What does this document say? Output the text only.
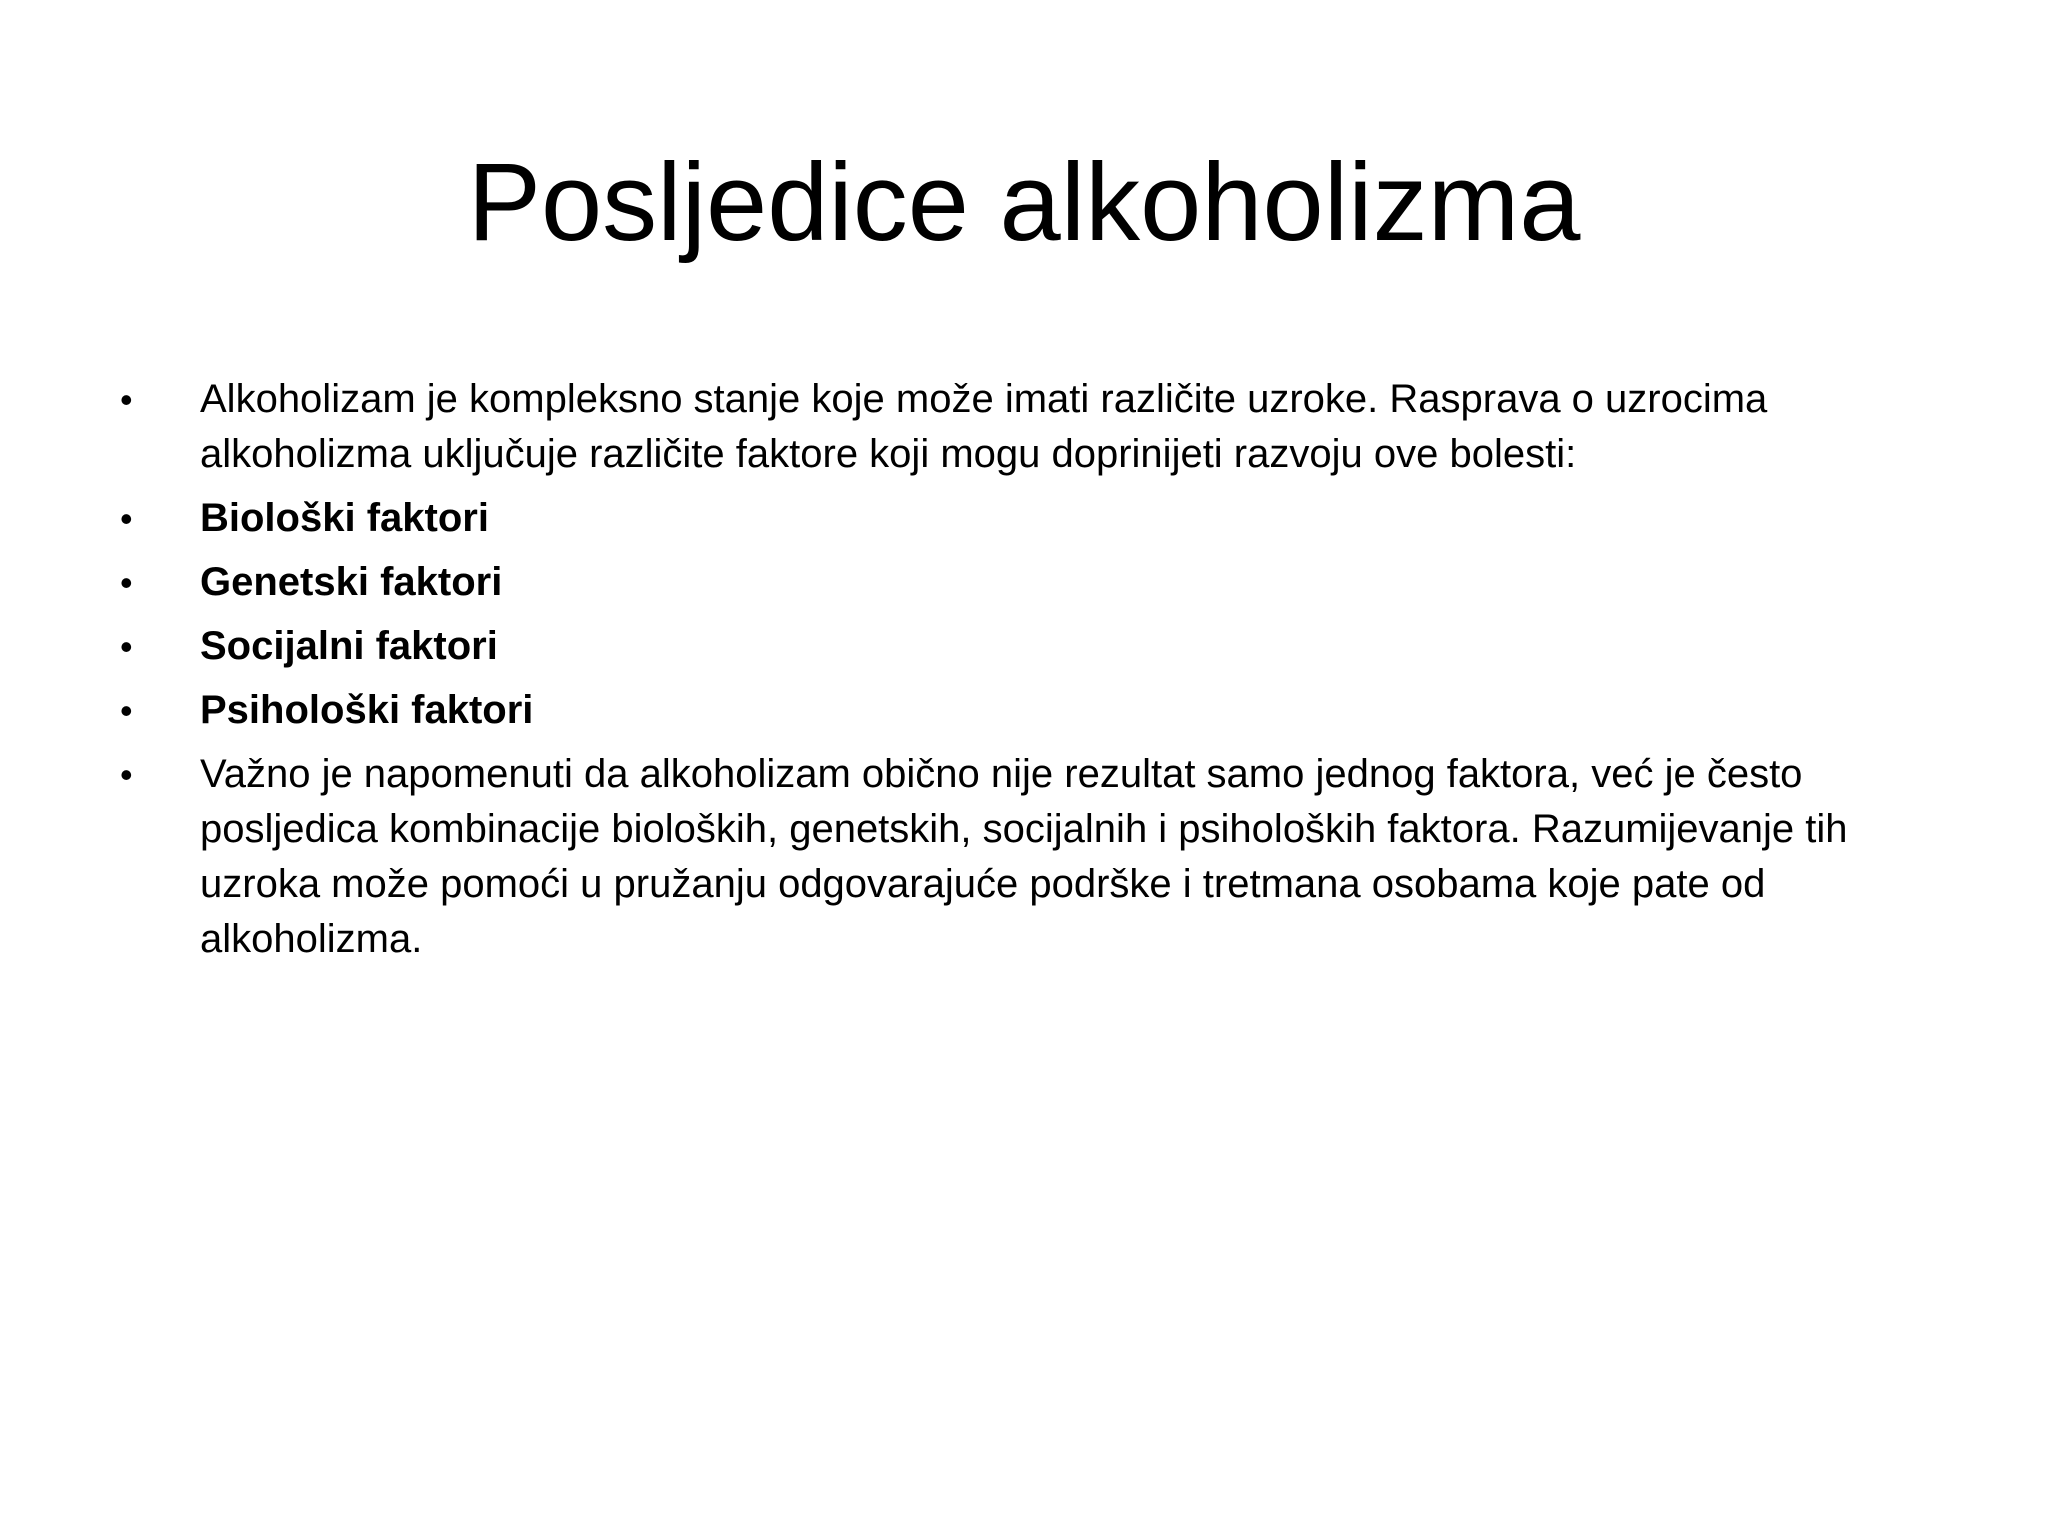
Posljedice alkoholizma
•	Alkoholizam je kompleksno stanje koje može imati različite uzroke. Rasprava o uzrocima alkoholizma uključuje različite faktore koji mogu doprinijeti razvoju ove bolesti:
•	Biološki faktori
•	Genetski faktori
•	Socijalni faktori
•	Psihološki faktori
•	Važno je napomenuti da alkoholizam obično nije rezultat samo jednog faktora, već je često posljedica kombinacije bioloških, genetskih, socijalnih i psiholoških faktora. Razumijevanje tih uzroka može pomoći u pružanju odgovarajuće podrške i tretmana osobama koje pate od alkoholizma.
